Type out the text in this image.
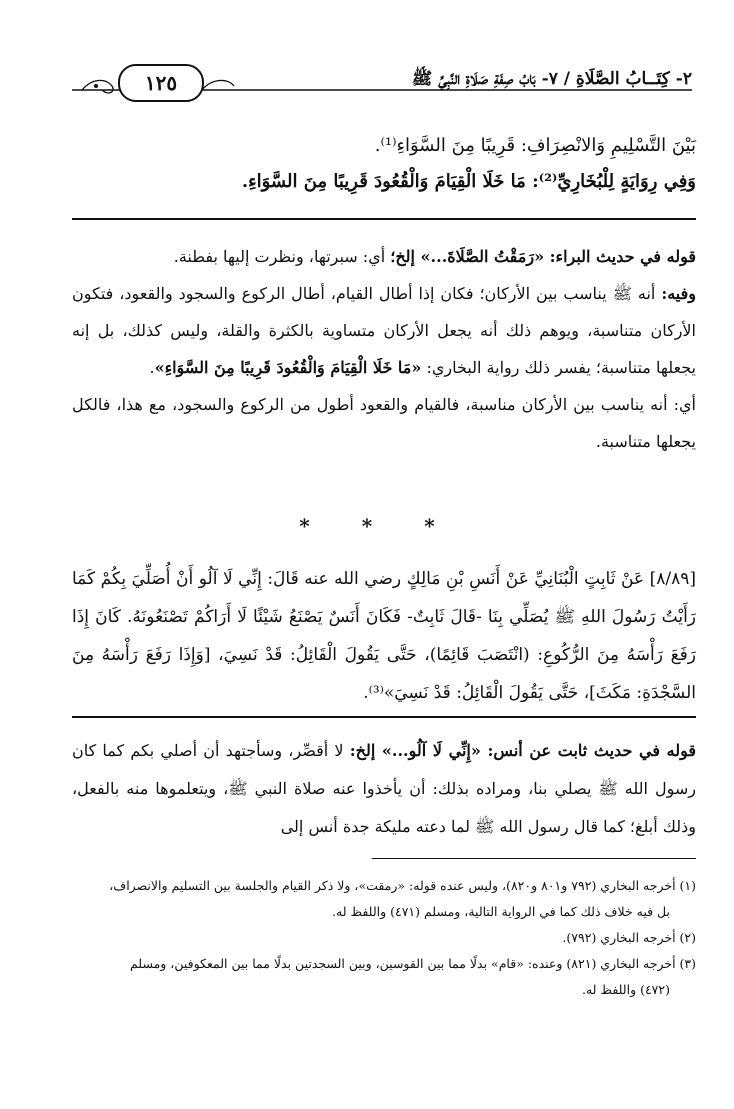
١٢٥	٢- كِتَــابُ الصَّلَاةِ / ٧- بَابُ صِفَةِ صَلَاةِ النَّبِيِّ ﷺ

بَيْنَ التَّسْلِيمِ وَالانْصِرَافِ: قَرِيبًا مِنَ السَّوَاءِ⁽¹⁾.

وَفِي رِوَايَةٍ لِلْبُخَارِيِّ⁽²⁾: مَا خَلَا الْقِيَامَ وَالْقُعُودَ قَرِيبًا مِنَ السَّوَاءِ.

قوله في حديث البراء: «رَمَقْتُ الصَّلَاةَ...» إلخ؛ أي: سبرتها، ونظرت إليها بفطنة.

وفيه: أنه ﷺ يناسب بين الأركان؛ فكان إذا أطال القيام، أطال الركوع والسجود والقعود، فتكون الأركان متناسبة، ويوهم ذلك أنه يجعل الأركان متساوية بالكثرة والقلة، وليس كذلك، بل إنه يجعلها متناسبة؛ يفسر ذلك رواية البخاري: «مَا خَلَا الْقِيَامَ وَالْقُعُودَ قَرِيبًا مِنَ السَّوَاءِ».

أي: أنه يناسب بين الأركان مناسبة، فالقيام والقعود أطول من الركوع والسجود، مع هذا، فالكل يجعلها متناسبة.

*	*	*

[٨/٨٩] عَنْ ثَابِتٍ الْبُنَانِيِّ عَنْ أَنَسِ بْنِ مَالِكٍ رضي الله عنه قَالَ: إِنِّي لَا آلُو أَنْ أُصَلِّيَ بِكُمْ كَمَا رَأَيْتُ رَسُولَ اللهِ ﷺ يُصَلِّي بِنَا -قَالَ ثَابِتٌ- فَكَانَ أَنَسٌ يَصْنَعُ شَيْئًا لَا أَرَاكُمْ تَصْنَعُونَهُ. كَانَ إِذَا رَفَعَ رَأْسَهُ مِنَ الرُّكُوعِ: (انْتَصَبَ قَائِمًا)، حَتَّى يَقُولَ الْقَائِلُ: قَدْ نَسِيَ، [وَإِذَا رَفَعَ رَأْسَهُ مِنَ السَّجْدَةِ: مَكَثَ]، حَتَّى يَقُولَ الْقَائِلُ: قَدْ نَسِيَ»⁽³⁾.

قوله في حديث ثابت عن أنس: «إِنِّي لَا آلُو...» إلخ: لا أقصِّر، وسأجتهد أن أصلي بكم كما كان رسول الله ﷺ يصلي بنا، ومراده بذلك: أن يأخذوا عنه صلاة النبي ﷺ، ويتعلموها منه بالفعل، وذلك أبلغ؛ كما قال رسول الله ﷺ لما دعته مليكة جدة أنس إلى

(١) أخرجه البخاري (٧٩٢ و٨٠١ و٨٢٠)، وليس عنده قوله: «رمقت»، ولا ذكر القيام والجلسة بين التسليم والانصراف،

بل فيه خلاف ذلك كما في الرواية التالية، ومسلم (٤٧١) واللفظ له.

(٢) أخرجه البخاري (٧٩٢).

(٣) أخرجه البخاري (٨٢١) وعنده: «قام» بدلًا مما بين القوسين، وبين السجدتين بدلًا مما بين المعكوفين، ومسلم

(٤٧٢) واللفظ له.
